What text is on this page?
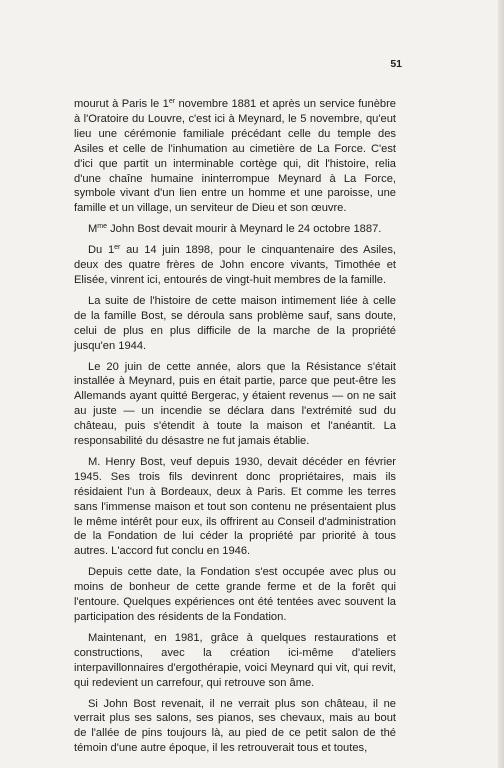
51

mourut à Paris le 1er novembre 1881 et après un service funèbre à l'Oratoire du Louvre, c'est ici à Meynard, le 5 novembre, qu'eut lieu une cérémonie familiale précédant celle du temple des Asiles et celle de l'inhumation au cimetière de La Force. C'est d'ici que partit un interminable cortège qui, dit l'histoire, relia d'une chaîne humaine ininterrompue Meynard à La Force, symbole vivant d'un lien entre un homme et une paroisse, une famille et un village, un serviteur de Dieu et son œuvre.

$M^{me}$ John Bost devait mourir à Meynard le 24 octobre 1887.

Du 1er au 14 juin 1898, pour le cinquantenaire des Asiles, deux des quatre frères de John encore vivants, Timothée et Elisée, vinrent ici, entourés de vingt-huit membres de la famille.

La suite de l'histoire de cette maison intimement liée à celle de la famille Bost, se déroula sans problème sauf, sans doute, celui de plus en plus difficile de la marche de la propriété jusqu'en 1944.

Le 20 juin de cette année, alors que la Résistance s'était installée à Meynard, puis en était partie, parce que peut-être les Allemands ayant quitté Bergerac, y étaient revenus — on ne sait au juste — un incendie se déclara dans l'extrémité sud du château, puis s'étendit à toute la maison et l'anéantit. La responsabilité du désastre ne fut jamais établie.

M. Henry Bost, veuf depuis 1930, devait décéder en février 1945. Ses trois fils devinrent donc propriétaires, mais ils résidaient l'un à Bordeaux, deux à Paris. Et comme les terres sans l'immense maison et tout son contenu ne présentaient plus le même intérêt pour eux, ils offrirent au Conseil d'administration de la Fondation de lui céder la propriété par priorité à tous autres. L'accord fut conclu en 1946.

Depuis cette date, la Fondation s'est occupée avec plus ou moins de bonheur de cette grande ferme et de la forêt qui l'entoure. Quelques expériences ont été tentées avec souvent la participation des résidents de la Fondation.

Maintenant, en 1981, grâce à quelques restaurations et constructions, avec la création ici-même d'ateliers interpavillonnaires d'ergothérapie, voici Meynard qui vit, qui revit, qui redevient un carrefour, qui retrouve son âme.

Si John Bost revenait, il ne verrait plus son château, il ne verrait plus ses salons, ses pianos, ses chevaux, mais au bout de l'allée de pins toujours là, au pied de ce petit salon de thé témoin d'une autre époque, il les retrouverait tous et toutes,
